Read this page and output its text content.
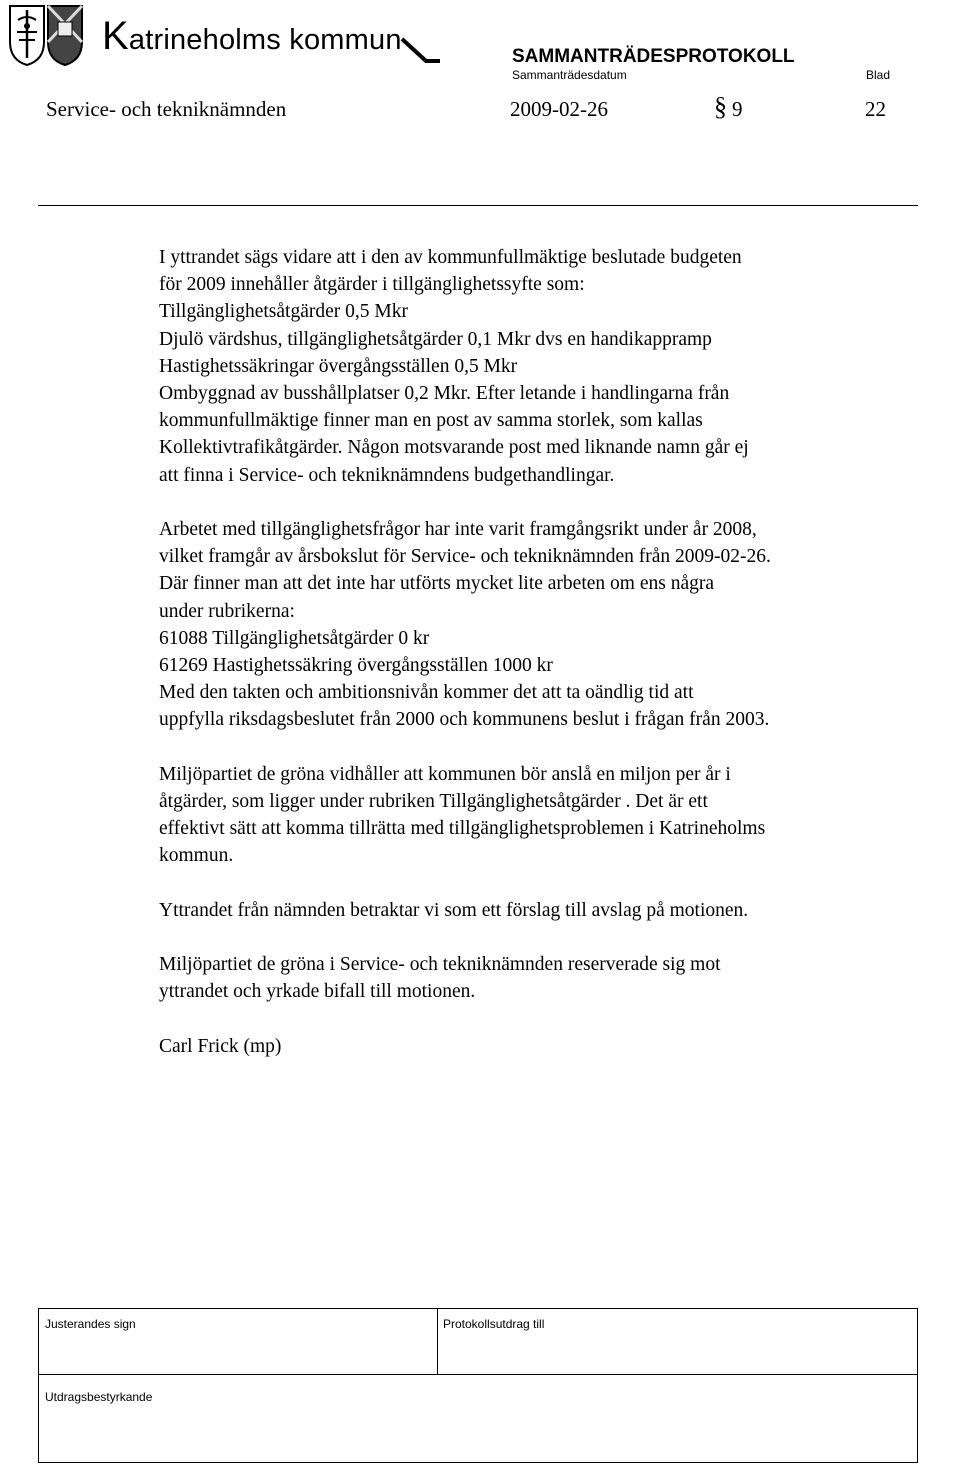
Katrineholms kommun
SAMMANTRÄDESPROTOKOLL
Sammanträdesdatum	Blad
Service- och tekniknämnden	2009-02-26	§ 9	22

I yttrandet sägs vidare att i den av kommunfullmäktige beslutade budgeten

för 2009 innehåller åtgärder i tillgänglighetssyfte som:

Tillgänglighetsåtgärder 0,5 Mkr

Djulö värdshus, tillgänglighetsåtgärder 0,1 Mkr dvs en handikappramp

Hastighetssäkringar övergångsställen 0,5 Mkr

Ombyggnad av busshållplatser 0,2 Mkr. Efter letande i handlingarna från

kommunfullmäktige finner man en post av samma storlek, som kallas

Kollektivtrafikåtgärder. Någon motsvarande post med liknande namn går ej

att finna i Service- och tekniknämndens budgethandlingar.

Arbetet med tillgänglighetsfrågor har inte varit framgångsrikt under år 2008,

vilket framgår av årsbokslut för Service- och tekniknämnden från 2009-02-26.

Där finner man att det inte har utförts mycket lite arbeten om ens några

under rubrikerna:

61088 Tillgänglighetsåtgärder 0 kr

61269 Hastighetssäkring övergångsställen 1000 kr

Med den takten och ambitionsnivån kommer det att ta oändlig tid att

uppfylla riksdagsbeslutet från 2000 och kommunens beslut i frågan från 2003.

Miljöpartiet de gröna vidhåller att kommunen bör anslå en miljon per år i

åtgärder, som ligger under rubriken Tillgänglighetsåtgärder . Det är ett

effektivt sätt att komma tillrätta med tillgänglighetsproblemen i Katrineholms

kommun.

Yttrandet från nämnden betraktar vi som ett förslag till avslag på motionen.

Miljöpartiet de gröna i Service- och tekniknämnden reserverade sig mot

yttrandet och yrkade bifall till motionen.

Carl Frick (mp)

Justerandes sign	Protokollsutdrag till
Utdragsbestyrkande
